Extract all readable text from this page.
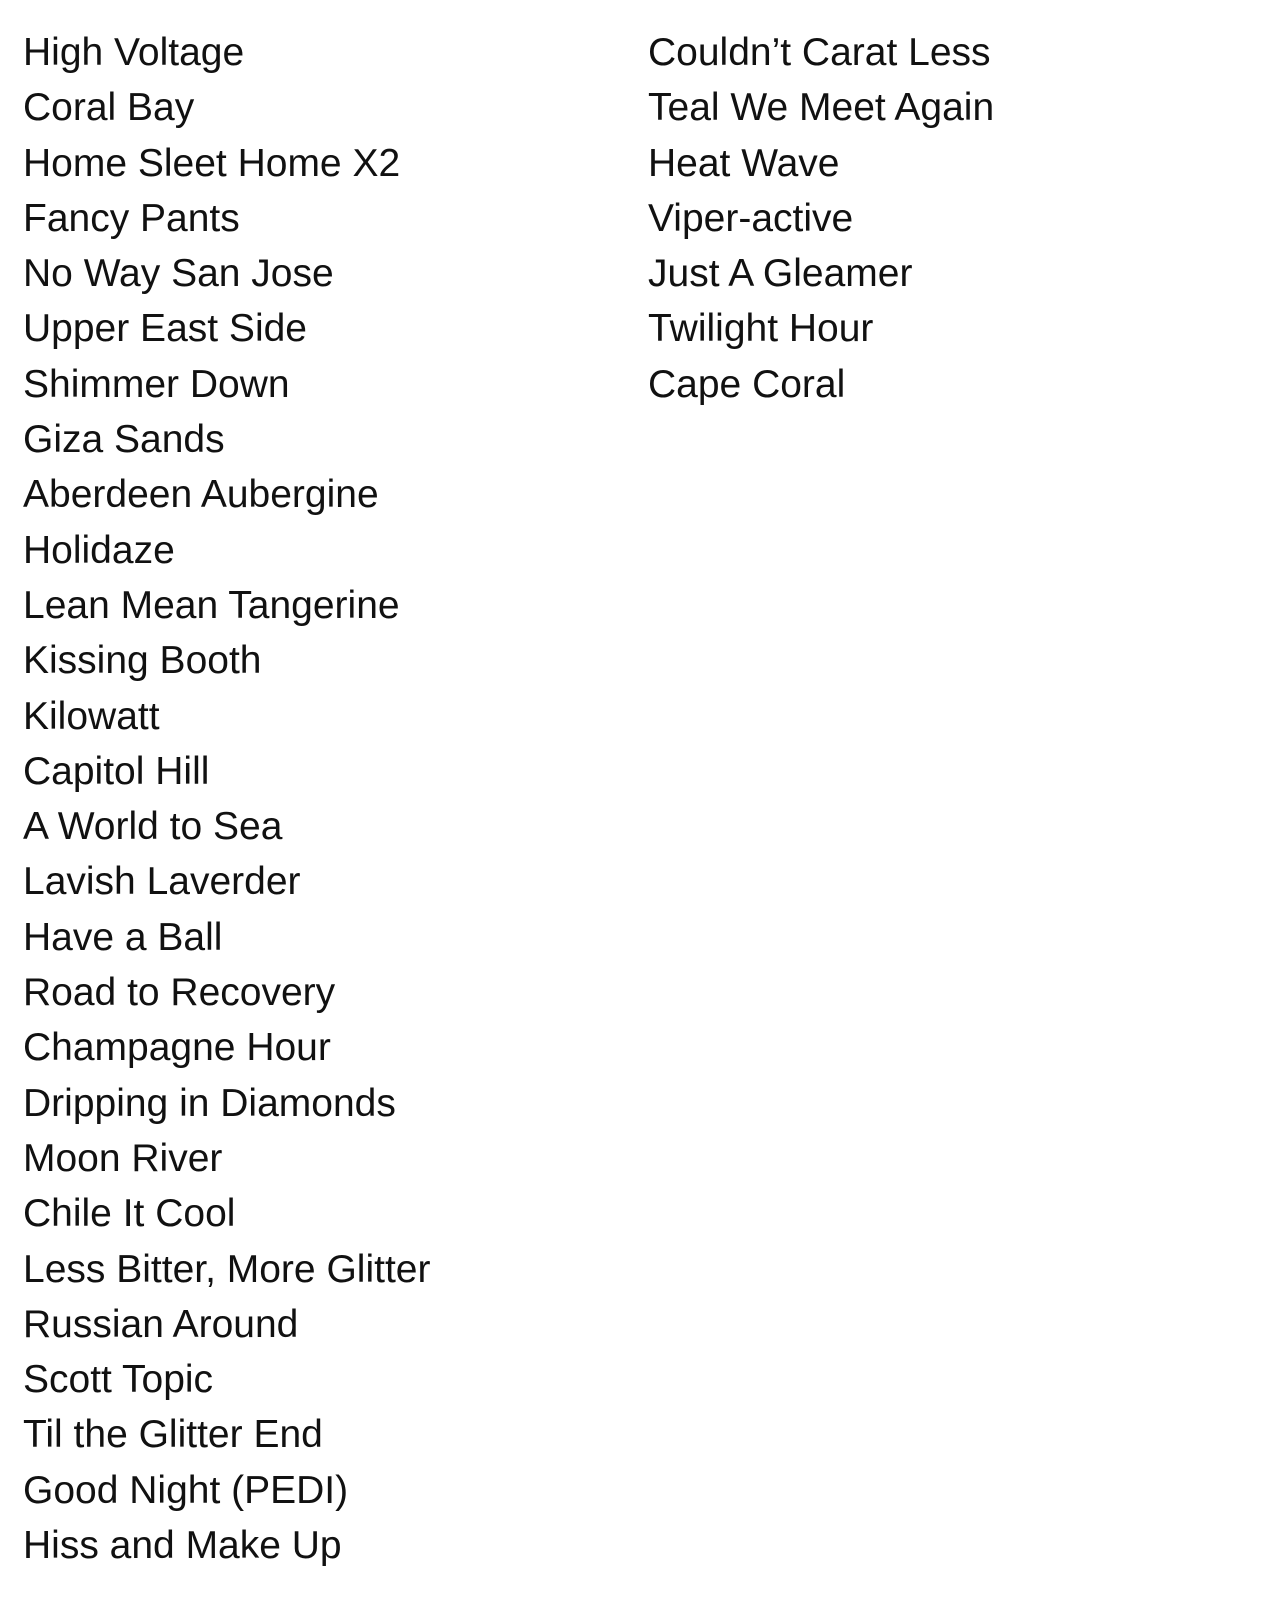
High Voltage
Coral Bay
Home Sleet Home X2
Fancy Pants
No Way San Jose
Upper East Side
Shimmer Down
Giza Sands
Aberdeen Aubergine
Holidaze
Lean Mean Tangerine
Kissing Booth
Kilowatt
Capitol Hill
A World to Sea
Lavish Laverder
Have a Ball
Road to Recovery
Champagne Hour
Dripping in Diamonds
Moon River
Chile It Cool
Less Bitter, More Glitter
Russian Around
Scott Topic
Til the Glitter End
Good Night (PEDI)
Hiss and Make Up
Couldn’t Carat Less
Teal We Meet Again
Heat Wave
Viper-active
Just A Gleamer
Twilight Hour
Cape Coral
